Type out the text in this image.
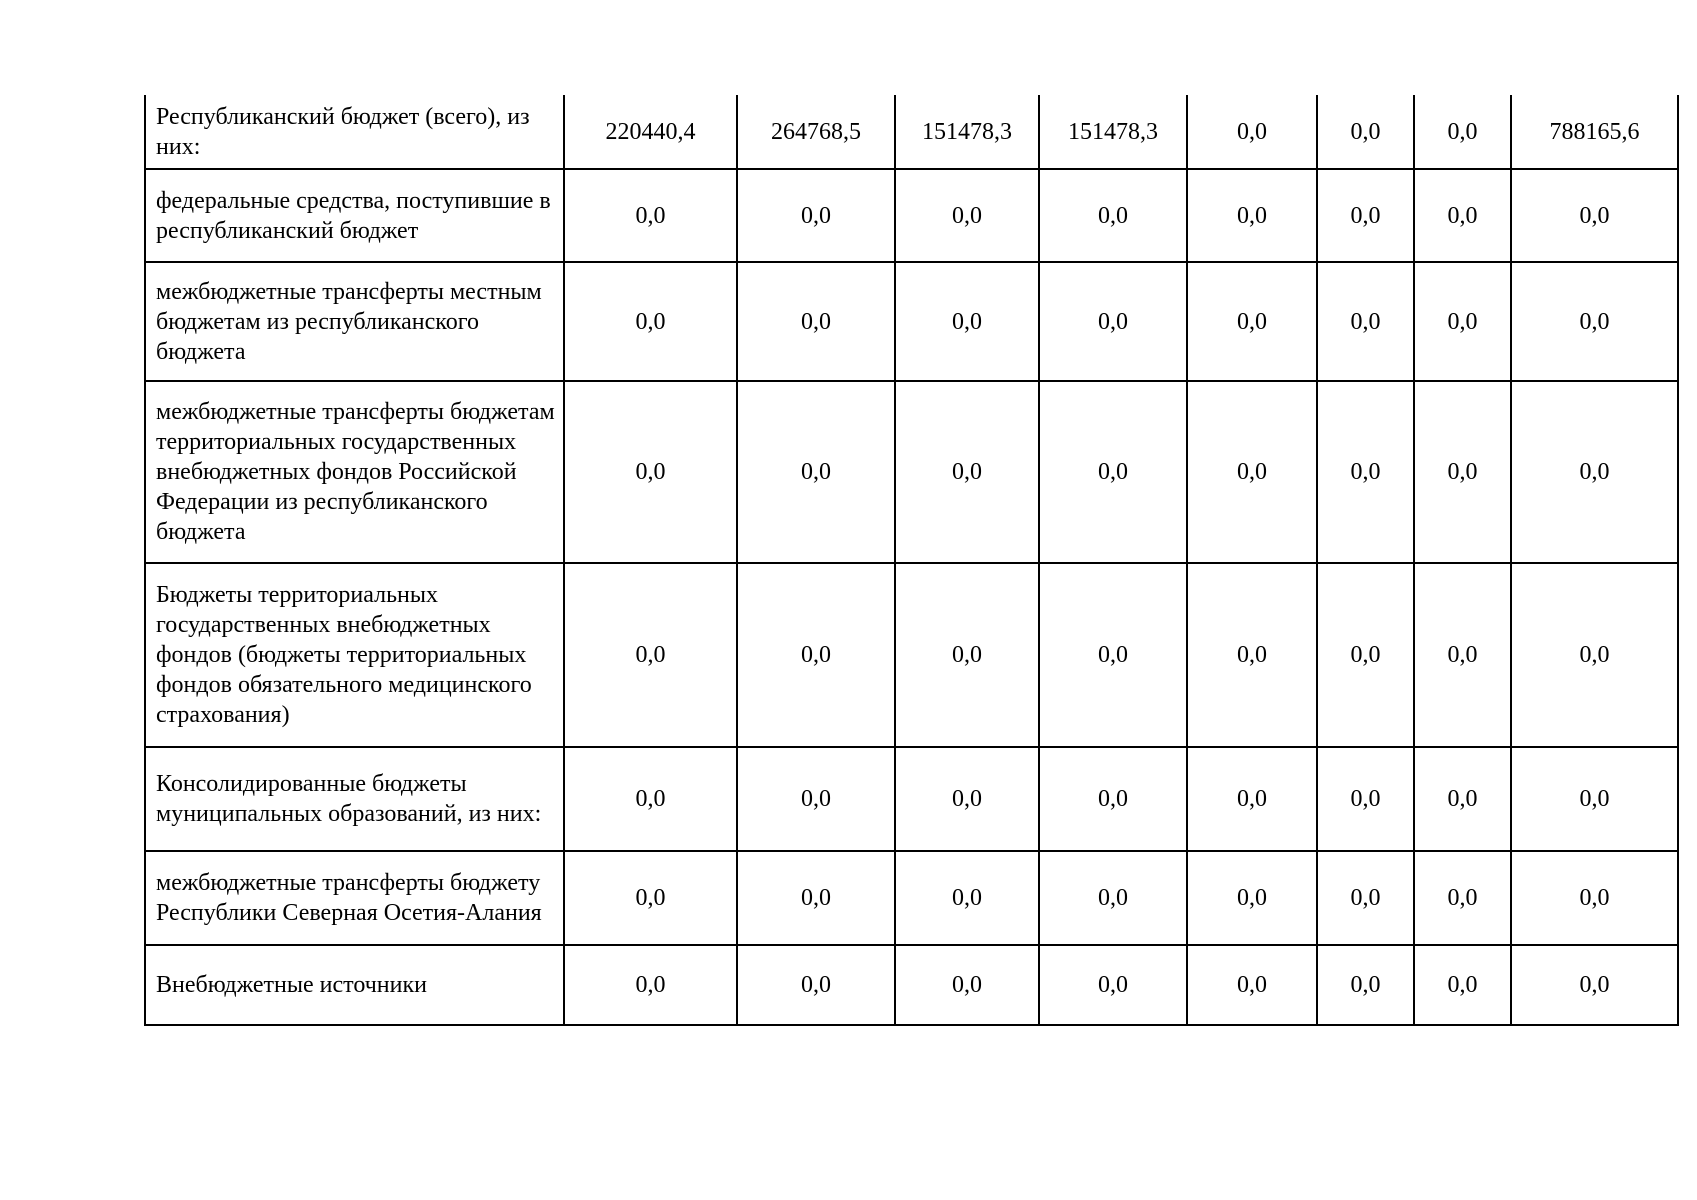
Республиканский бюджет (всего), из них:	220440,4	264768,5	151478,3	151478,3	0,0	0,0	0,0	788165,6
федеральные средства, поступившие в республиканский бюджет	0,0	0,0	0,0	0,0	0,0	0,0	0,0	0,0
межбюджетные трансферты местным бюджетам из республиканского бюджета	0,0	0,0	0,0	0,0	0,0	0,0	0,0	0,0
межбюджетные трансферты бюджетам территориальных государственных внебюджетных фондов Российской Федерации из республиканского бюджета	0,0	0,0	0,0	0,0	0,0	0,0	0,0	0,0
Бюджеты территориальных государственных внебюджетных фондов (бюджеты территориальных фондов обязательного медицинского страхования)	0,0	0,0	0,0	0,0	0,0	0,0	0,0	0,0
Консолидированные бюджеты муниципальных образований, из них:	0,0	0,0	0,0	0,0	0,0	0,0	0,0	0,0
межбюджетные трансферты бюджету Республики Северная Осетия-Алания	0,0	0,0	0,0	0,0	0,0	0,0	0,0	0,0
Внебюджетные источники	0,0	0,0	0,0	0,0	0,0	0,0	0,0	0,0
